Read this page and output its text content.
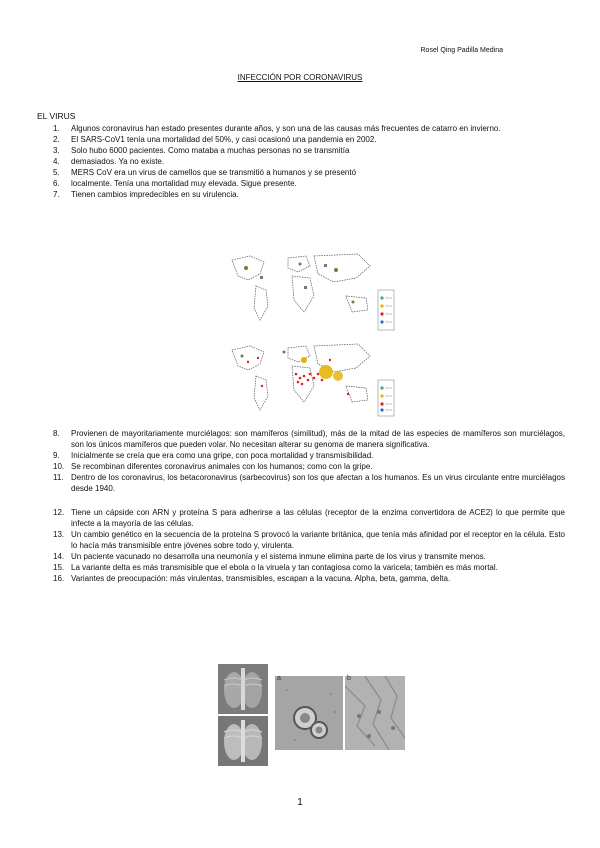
Rosel Qing Padilla Medina
INFECCIÓN POR CORONAVIRUS
EL VIRUS
1.	Algunos coronavirus han estado presentes durante años, y son una de las causas más frecuentes de catarro en invierno.
2.	El SARS-CoV1 tenía una mortalidad del 50%, y casi ocasionó una pandemia en 2002.
3.	Solo hubo 6000 pacientes. Como mataba a muchas personas no se transmitía
4.	demasiados. Ya no existe.
5.	MERS CoV era un virus de camellos que se transmitió a humanos y se presentó
6.	localmente. Tenía una mortalidad muy elevada. Sigue presente.
7.	Tienen cambios impredecibles en su virulencia.
8.	Provienen de mayoritariamente murciélagos: son mamíferos (similitud), más de la mitad de las especies de mamíferos son murciélagos, son los únicos mamíferos que pueden volar. No necesitan alterar su genoma de manera significativa.
9.	Inicialmente se creía que era como una gripe, con poca mortalidad y transmisibilidad.
10. Se recombinan diferentes coronavirus animales con los humanos; como con la gripe.
11. Dentro de los coronavirus, los betacoronavirus (sarbecovirus) son los que afectan a los humanos. Es un virus circulante entre murciélagos desde 1940.
12. Tiene un cápside con ARN y proteína S para adherirse a las células (receptor de la enzima convertidora de ACE2) lo que permite que infecte a la mayoría de las células.
13. Un cambio genético en la secuencia de la proteína S provocó la variante británica, que tenía más afinidad por el receptor en la célula. Esto lo hacía más transmisible entre jóvenes sobre todo y, virulenta.
14. Un paciente vacunado no desarrolla una neumonía y el sistema inmune elimina parte de los virus y transmite menos.
15. La variante delta es más transmisible que el ebola o la viruela y tan contagiosa como la varicela; también es más mortal.
16. Variantes de preocupación: más virulentas, transmisibles, escapan a la vacuna. Alpha, beta, gamma, delta.
a	b
1
